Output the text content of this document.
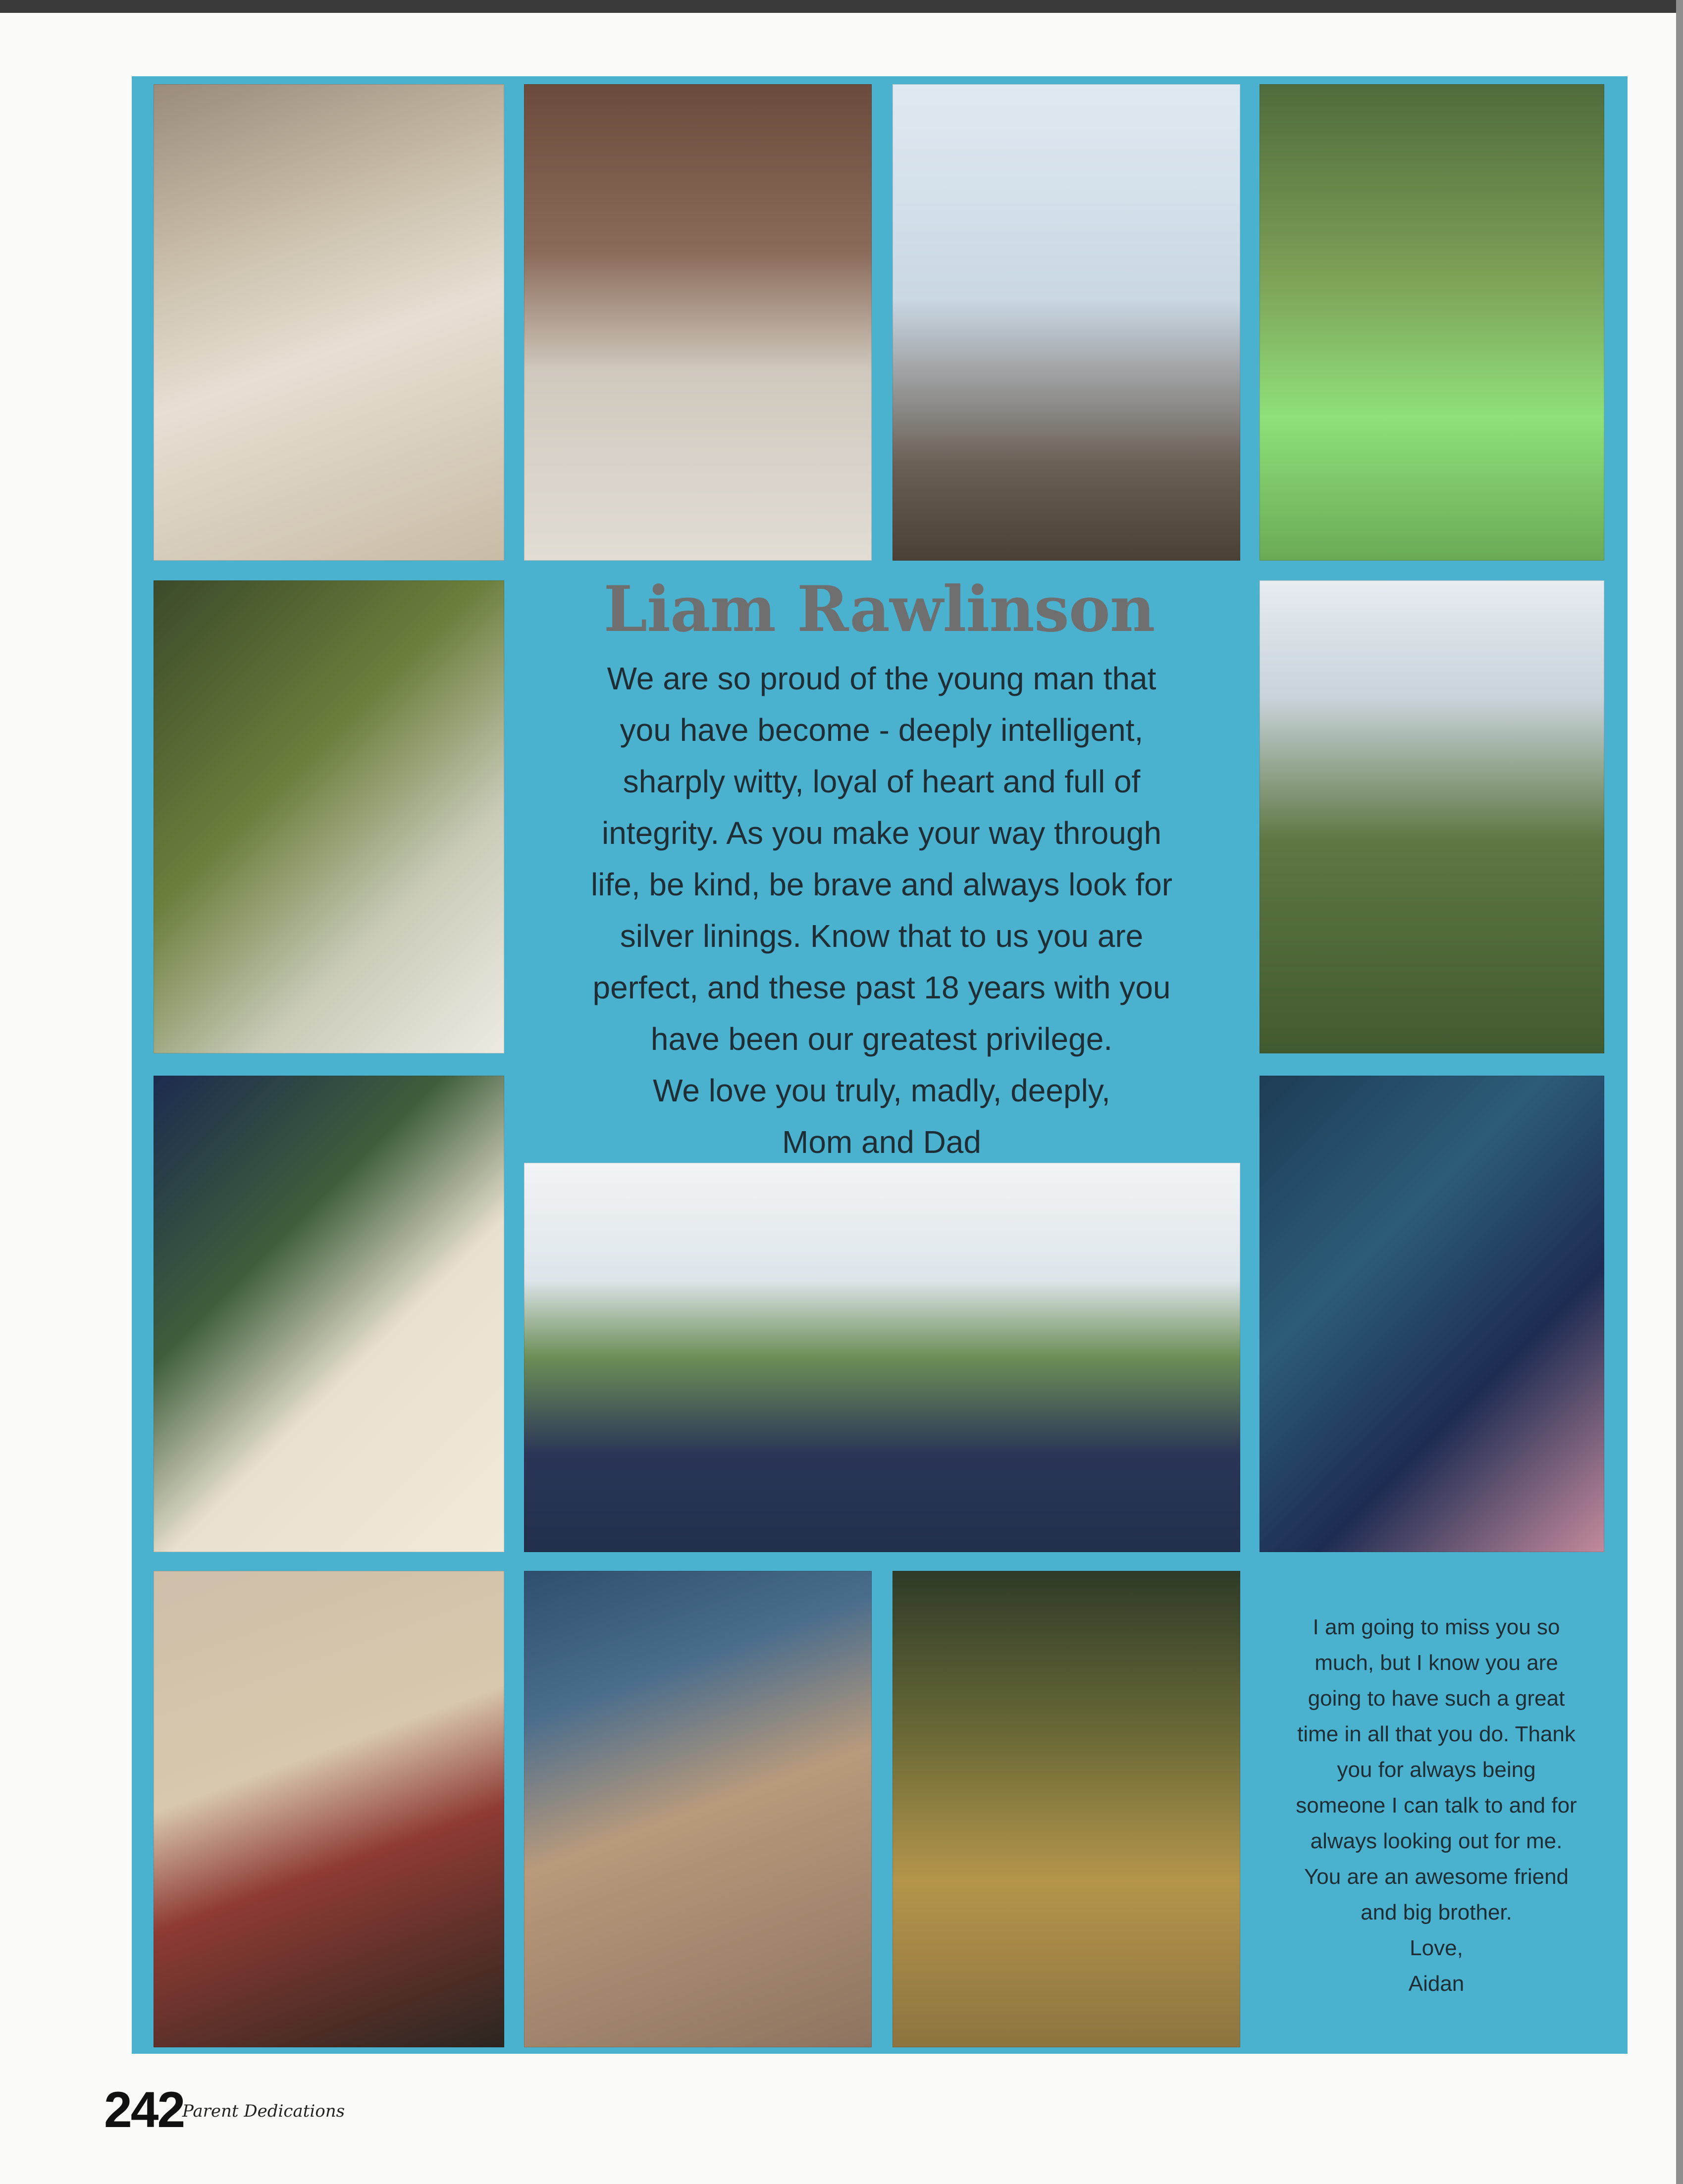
Liam Rawlinson
We are so proud of the young man that
you have become - deeply intelligent,
sharply witty, loyal of heart and full of
integrity. As you make your way through
life, be kind, be brave and always look for
silver linings. Know that to us you are
perfect, and these past 18 years with you
have been our greatest privilege.
We love you truly, madly, deeply,
Mom and Dad
I am going to miss you so
much, but I know you are
going to have such a great
time in all that you do. Thank
you for always being
someone I can talk to and for
always looking out for me.
You are an awesome friend
and big brother.
Love,
Aidan
242
Parent Dedications
